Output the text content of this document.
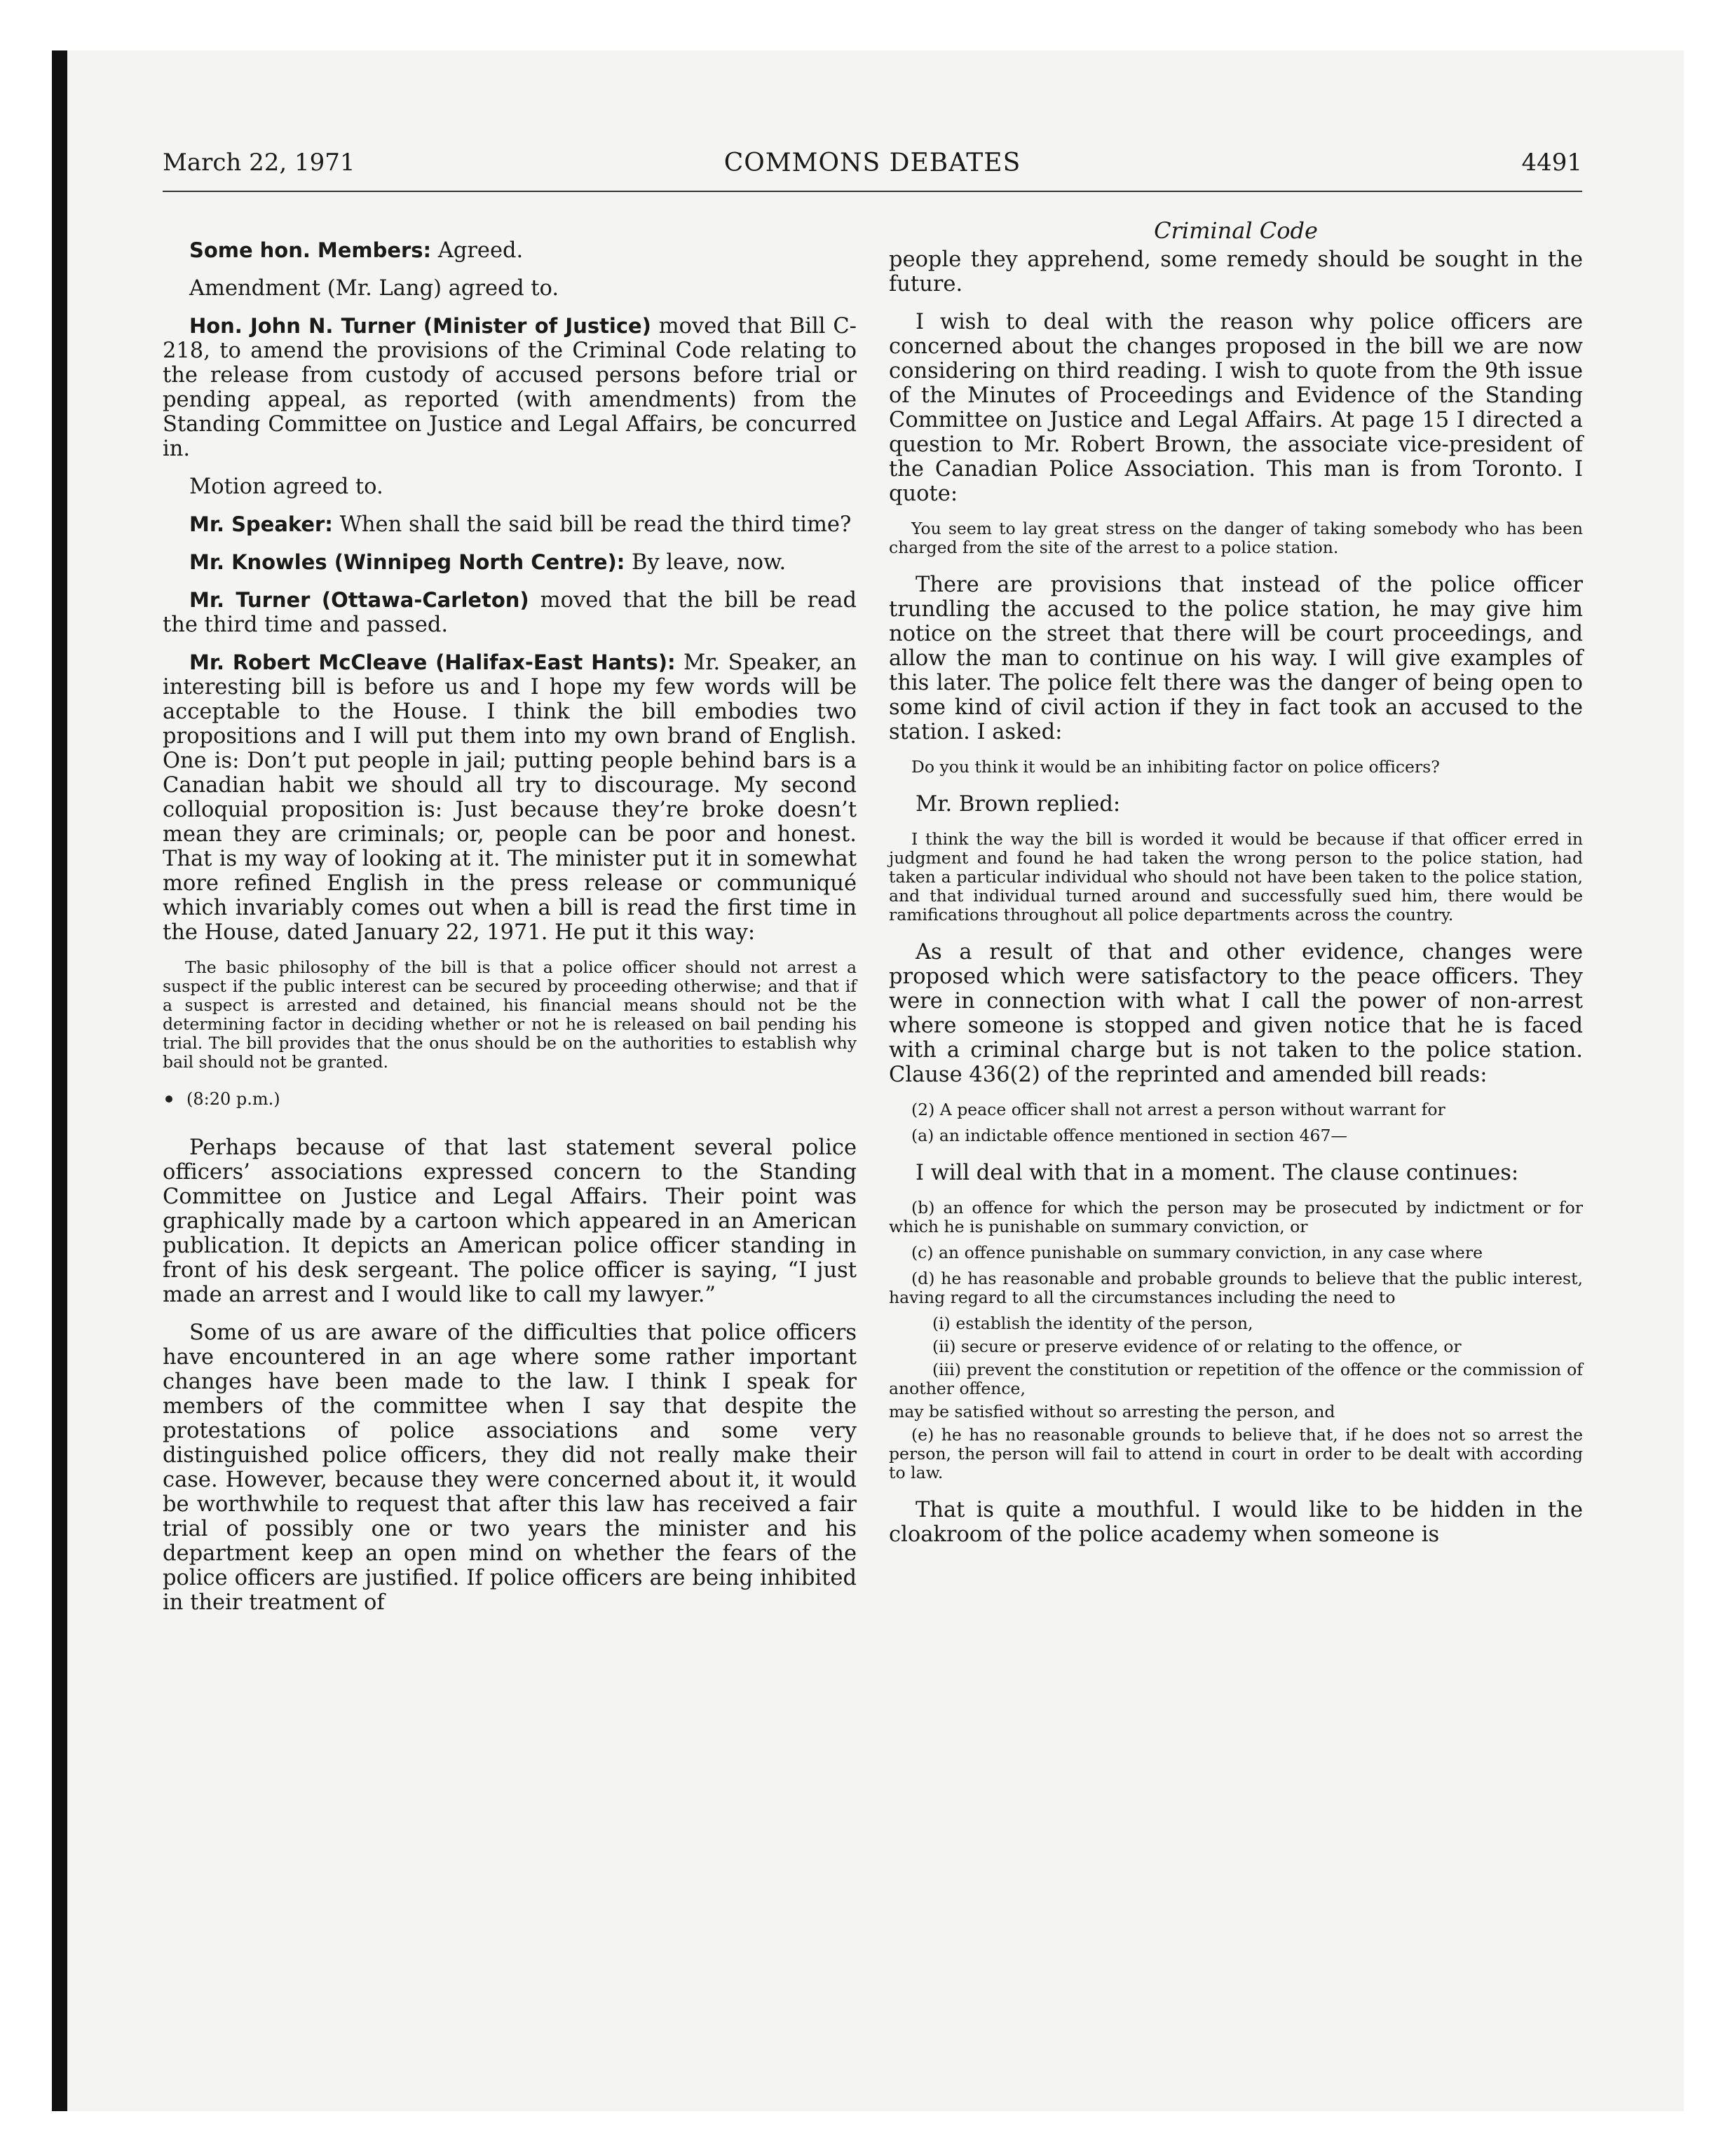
March 22, 1971	COMMONS DEBATES	4491

Some hon. Members: Agreed.

Amendment (Mr. Lang) agreed to.

Hon. John N. Turner (Minister of Justice) moved that Bill C-218, to amend the provisions of the Criminal Code relating to the release from custody of accused persons before trial or pending appeal, as reported (with amendments) from the Standing Committee on Justice and Legal Affairs, be concurred in.

Motion agreed to.

Mr. Speaker: When shall the said bill be read the third time?

Mr. Knowles (Winnipeg North Centre): By leave, now.

Mr. Turner (Ottawa-Carleton) moved that the bill be read the third time and passed.

Mr. Robert McCleave (Halifax-East Hants): Mr. Speaker, an interesting bill is before us and I hope my few words will be acceptable to the House. I think the bill embodies two propositions and I will put them into my own brand of English. One is: Don’t put people in jail; putting people behind bars is a Canadian habit we should all try to discourage. My second colloquial proposition is: Just because they’re broke doesn’t mean they are criminals; or, people can be poor and honest. That is my way of looking at it. The minister put it in somewhat more refined English in the press release or communiqué which invariably comes out when a bill is read the first time in the House, dated January 22, 1971. He put it this way:

The basic philosophy of the bill is that a police officer should not arrest a suspect if the public interest can be secured by proceeding otherwise; and that if a suspect is arrested and detained, his financial means should not be the determining factor in deciding whether or not he is released on bail pending his trial. The bill provides that the onus should be on the authorities to establish why bail should not be granted.

(8:20 p.m.)

Perhaps because of that last statement several police officers’ associations expressed concern to the Standing Committee on Justice and Legal Affairs. Their point was graphically made by a cartoon which appeared in an American publication. It depicts an American police officer standing in front of his desk sergeant. The police officer is saying, “I just made an arrest and I would like to call my lawyer.”

Some of us are aware of the difficulties that police officers have encountered in an age where some rather important changes have been made to the law. I think I speak for members of the committee when I say that despite the protestations of police associations and some very distinguished police officers, they did not really make their case. However, because they were concerned about it, it would be worthwhile to request that after this law has received a fair trial of possibly one or two years the minister and his department keep an open mind on whether the fears of the police officers are justified. If police officers are being inhibited in their treatment of

Criminal Code

people they apprehend, some remedy should be sought in the future.

I wish to deal with the reason why police officers are concerned about the changes proposed in the bill we are now considering on third reading. I wish to quote from the 9th issue of the Minutes of Proceedings and Evidence of the Standing Committee on Justice and Legal Affairs. At page 15 I directed a question to Mr. Robert Brown, the associate vice-president of the Canadian Police Association. This man is from Toronto. I quote:

You seem to lay great stress on the danger of taking somebody who has been charged from the site of the arrest to a police station.

There are provisions that instead of the police officer trundling the accused to the police station, he may give him notice on the street that there will be court proceedings, and allow the man to continue on his way. I will give examples of this later. The police felt there was the danger of being open to some kind of civil action if they in fact took an accused to the station. I asked:

Do you think it would be an inhibiting factor on police officers?

Mr. Brown replied:

I think the way the bill is worded it would be because if that officer erred in judgment and found he had taken the wrong person to the police station, had taken a particular individual who should not have been taken to the police station, and that individual turned around and successfully sued him, there would be ramifications throughout all police departments across the country.

As a result of that and other evidence, changes were proposed which were satisfactory to the peace officers. They were in connection with what I call the power of non-arrest where someone is stopped and given notice that he is faced with a criminal charge but is not taken to the police station. Clause 436(2) of the reprinted and amended bill reads:

(2) A peace officer shall not arrest a person without warrant for
(a) an indictable offence mentioned in section 467—

I will deal with that in a moment. The clause continues:

(b) an offence for which the person may be prosecuted by indictment or for which he is punishable on summary conviction, or
(c) an offence punishable on summary conviction, in any case where
(d) he has reasonable and probable grounds to believe that the public interest, having regard to all the circumstances including the need to
(i) establish the identity of the person,
(ii) secure or preserve evidence of or relating to the offence, or
(iii) prevent the constitution or repetition of the offence or the commission of another offence,
may be satisfied without so arresting the person, and
(e) he has no reasonable grounds to believe that, if he does not so arrest the person, the person will fail to attend in court in order to be dealt with according to law.

That is quite a mouthful. I would like to be hidden in the cloakroom of the police academy when someone is
